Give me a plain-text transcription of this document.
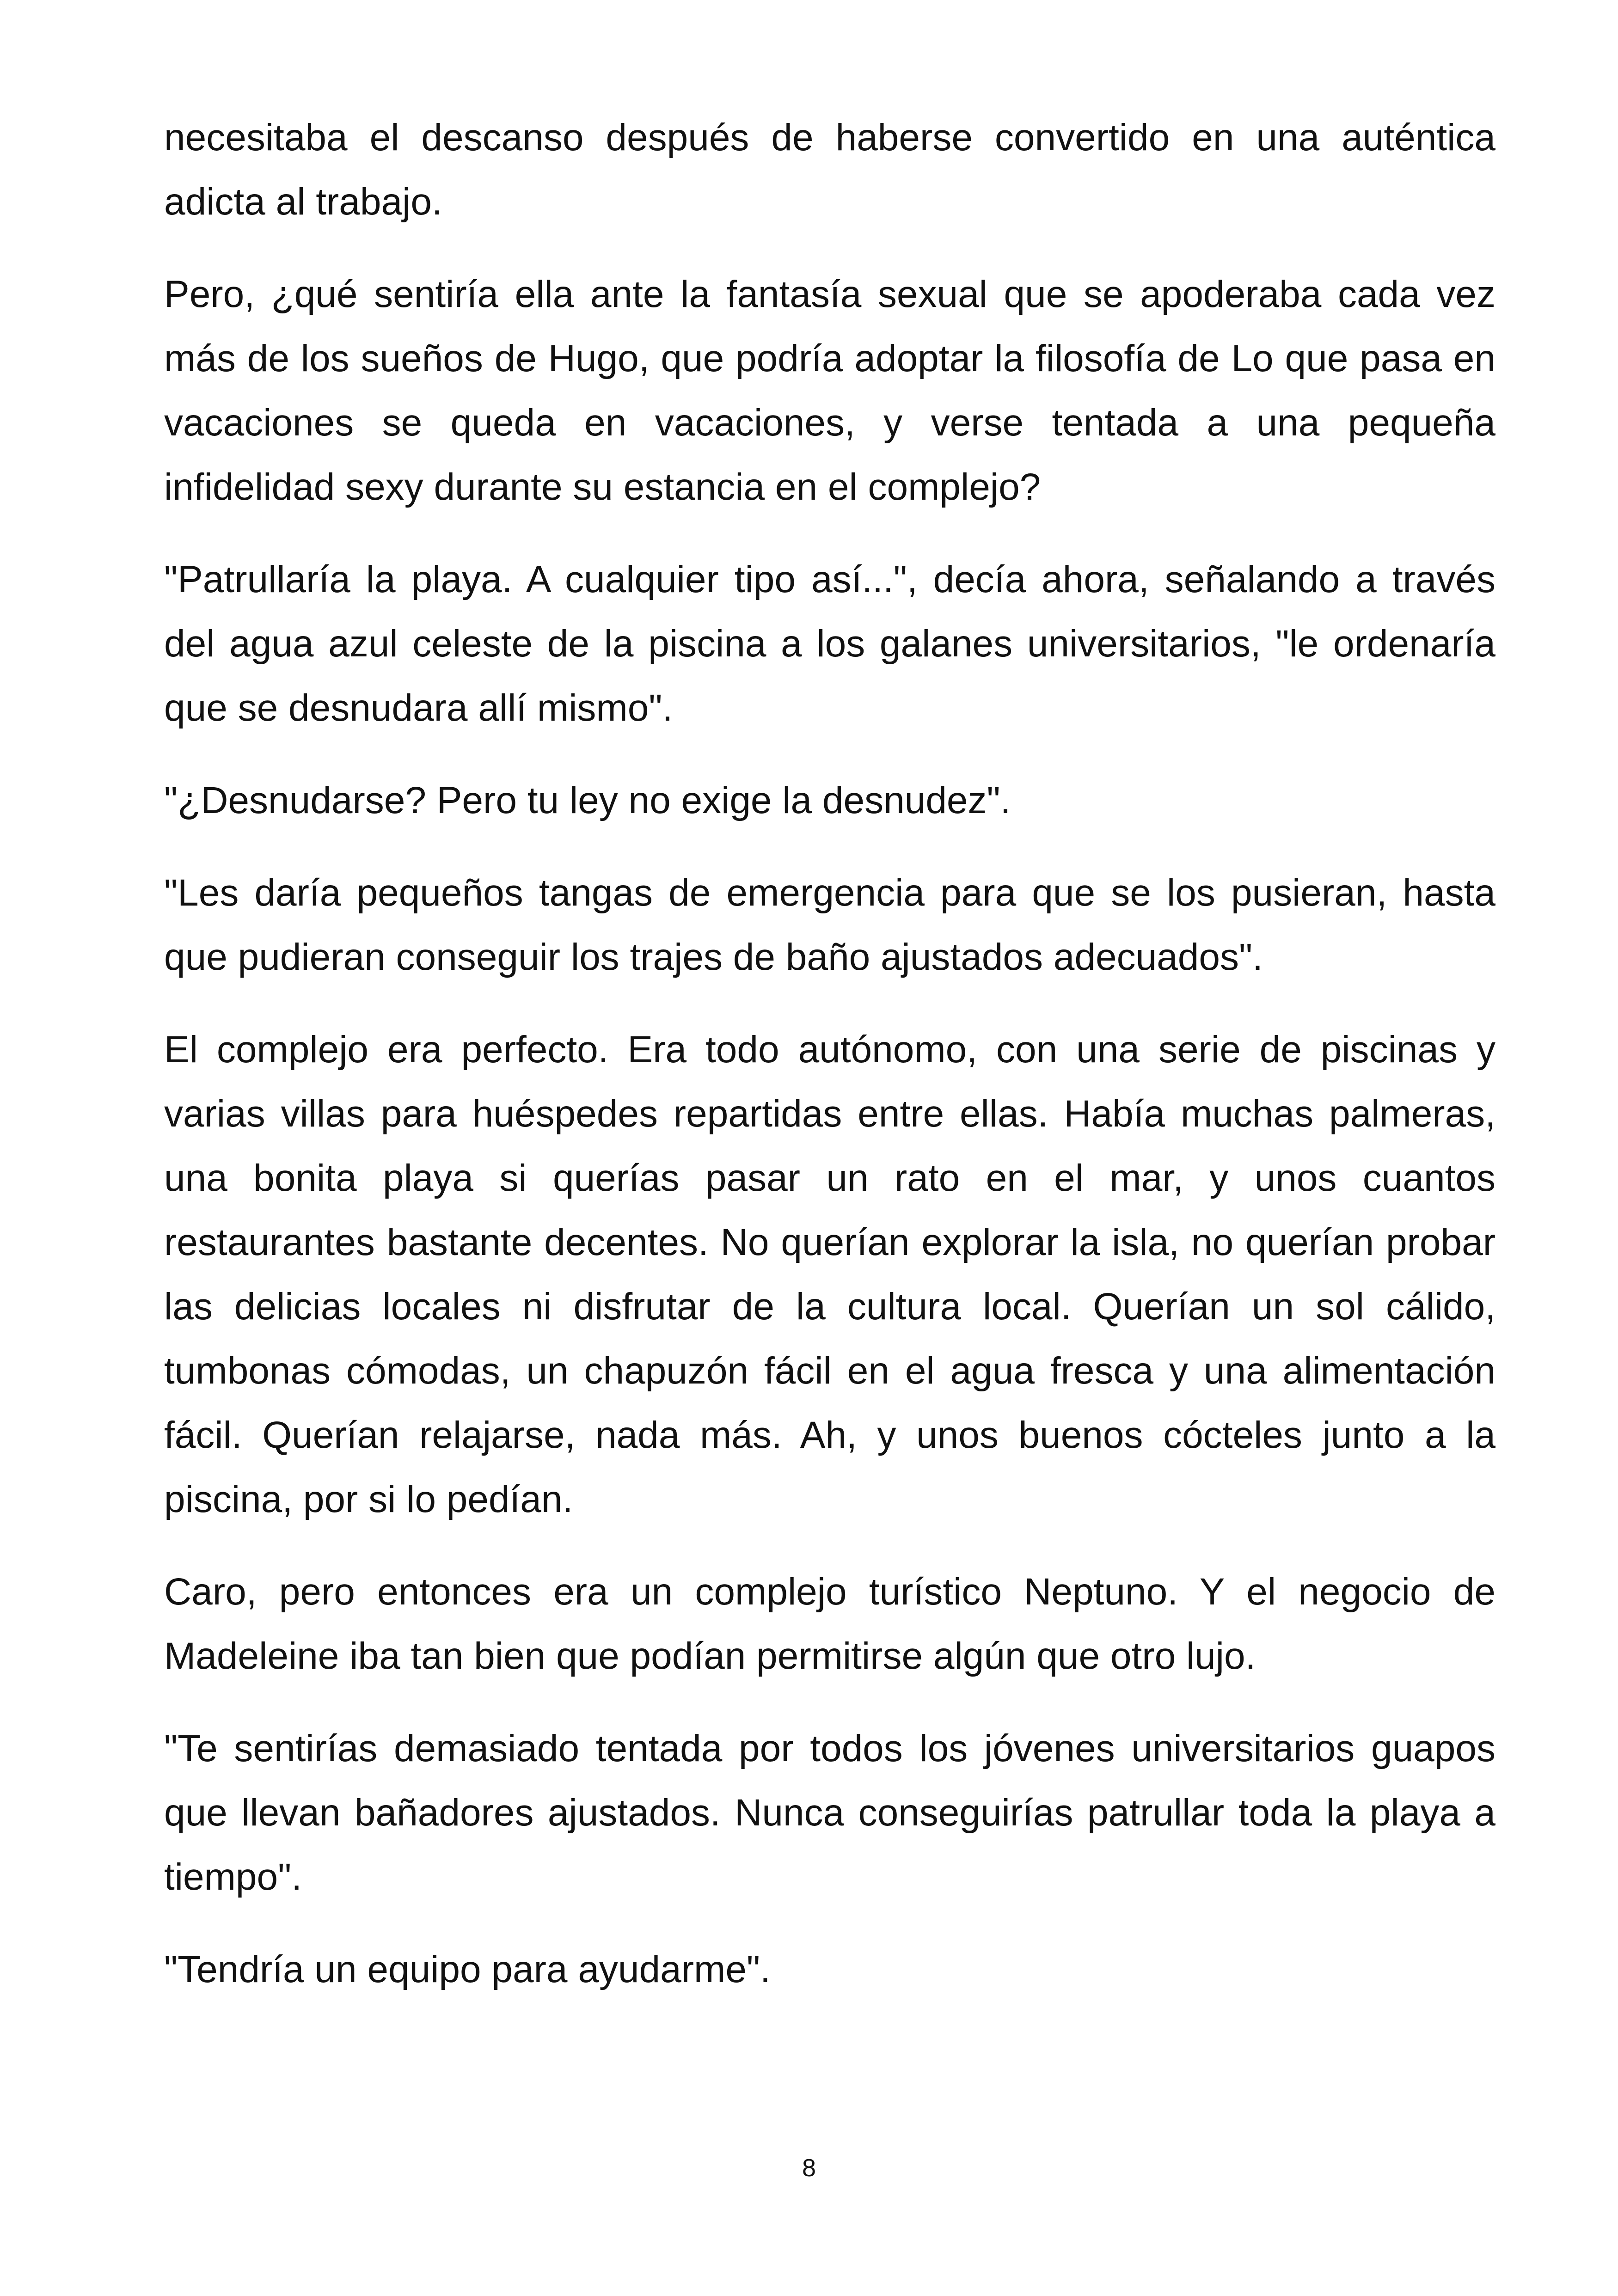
necesitaba el descanso después de haberse convertido en una auténtica adicta al trabajo.

Pero, ¿qué sentiría ella ante la fantasía sexual que se apoderaba cada vez más de los sueños de Hugo, que podría adoptar la filosofía de Lo que pasa en vacaciones se queda en vacaciones, y verse tentada a una pequeña infidelidad sexy durante su estancia en el complejo?

"Patrullaría la playa. A cualquier tipo así...", decía ahora, señalando a través del agua azul celeste de la piscina a los galanes universitarios, "le ordenaría que se desnudara allí mismo".

"¿Desnudarse? Pero tu ley no exige la desnudez".

"Les daría pequeños tangas de emergencia para que se los pusieran, hasta que pudieran conseguir los trajes de baño ajustados adecuados".

El complejo era perfecto. Era todo autónomo, con una serie de piscinas y varias villas para huéspedes repartidas entre ellas. Había muchas palmeras, una bonita playa si querías pasar un rato en el mar, y unos cuantos restaurantes bastante decentes. No querían explorar la isla, no querían probar las delicias locales ni disfrutar de la cultura local. Querían un sol cálido, tumbonas cómodas, un chapuzón fácil en el agua fresca y una alimentación fácil. Querían relajarse, nada más. Ah, y unos buenos cócteles junto a la piscina, por si lo pedían.

Caro, pero entonces era un complejo turístico Neptuno. Y el negocio de Madeleine iba tan bien que podían permitirse algún que otro lujo.

"Te sentirías demasiado tentada por todos los jóvenes universitarios guapos que llevan bañadores ajustados. Nunca conseguirías patrullar toda la playa a tiempo".

"Tendría un equipo para ayudarme".

8
